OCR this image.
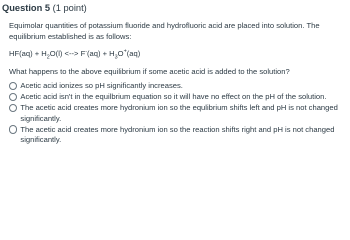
Question 5 (1 point)

Equimolar quantities of potassium fluoride and hydrofluoric acid are placed into solution. The equilibrium established is as follows:

$HF(aq) + H_2O(l)$ <--> $F^-(aq) + H_3O^+(aq)$

What happens to the above equilibrium if some acetic acid is added to the solution?

Acetic acid ionizes so pH significantly increases.
Acetic acid isn't in the equilbrium equation so it will have no effect on the pH of the solution.
The acetic acid creates more hydronium ion so the equlibrium shifts left and pH is not changed significantly.
The acetic acid creates more hydronium ion so the reaction shifts right and pH is not changed significantly.
